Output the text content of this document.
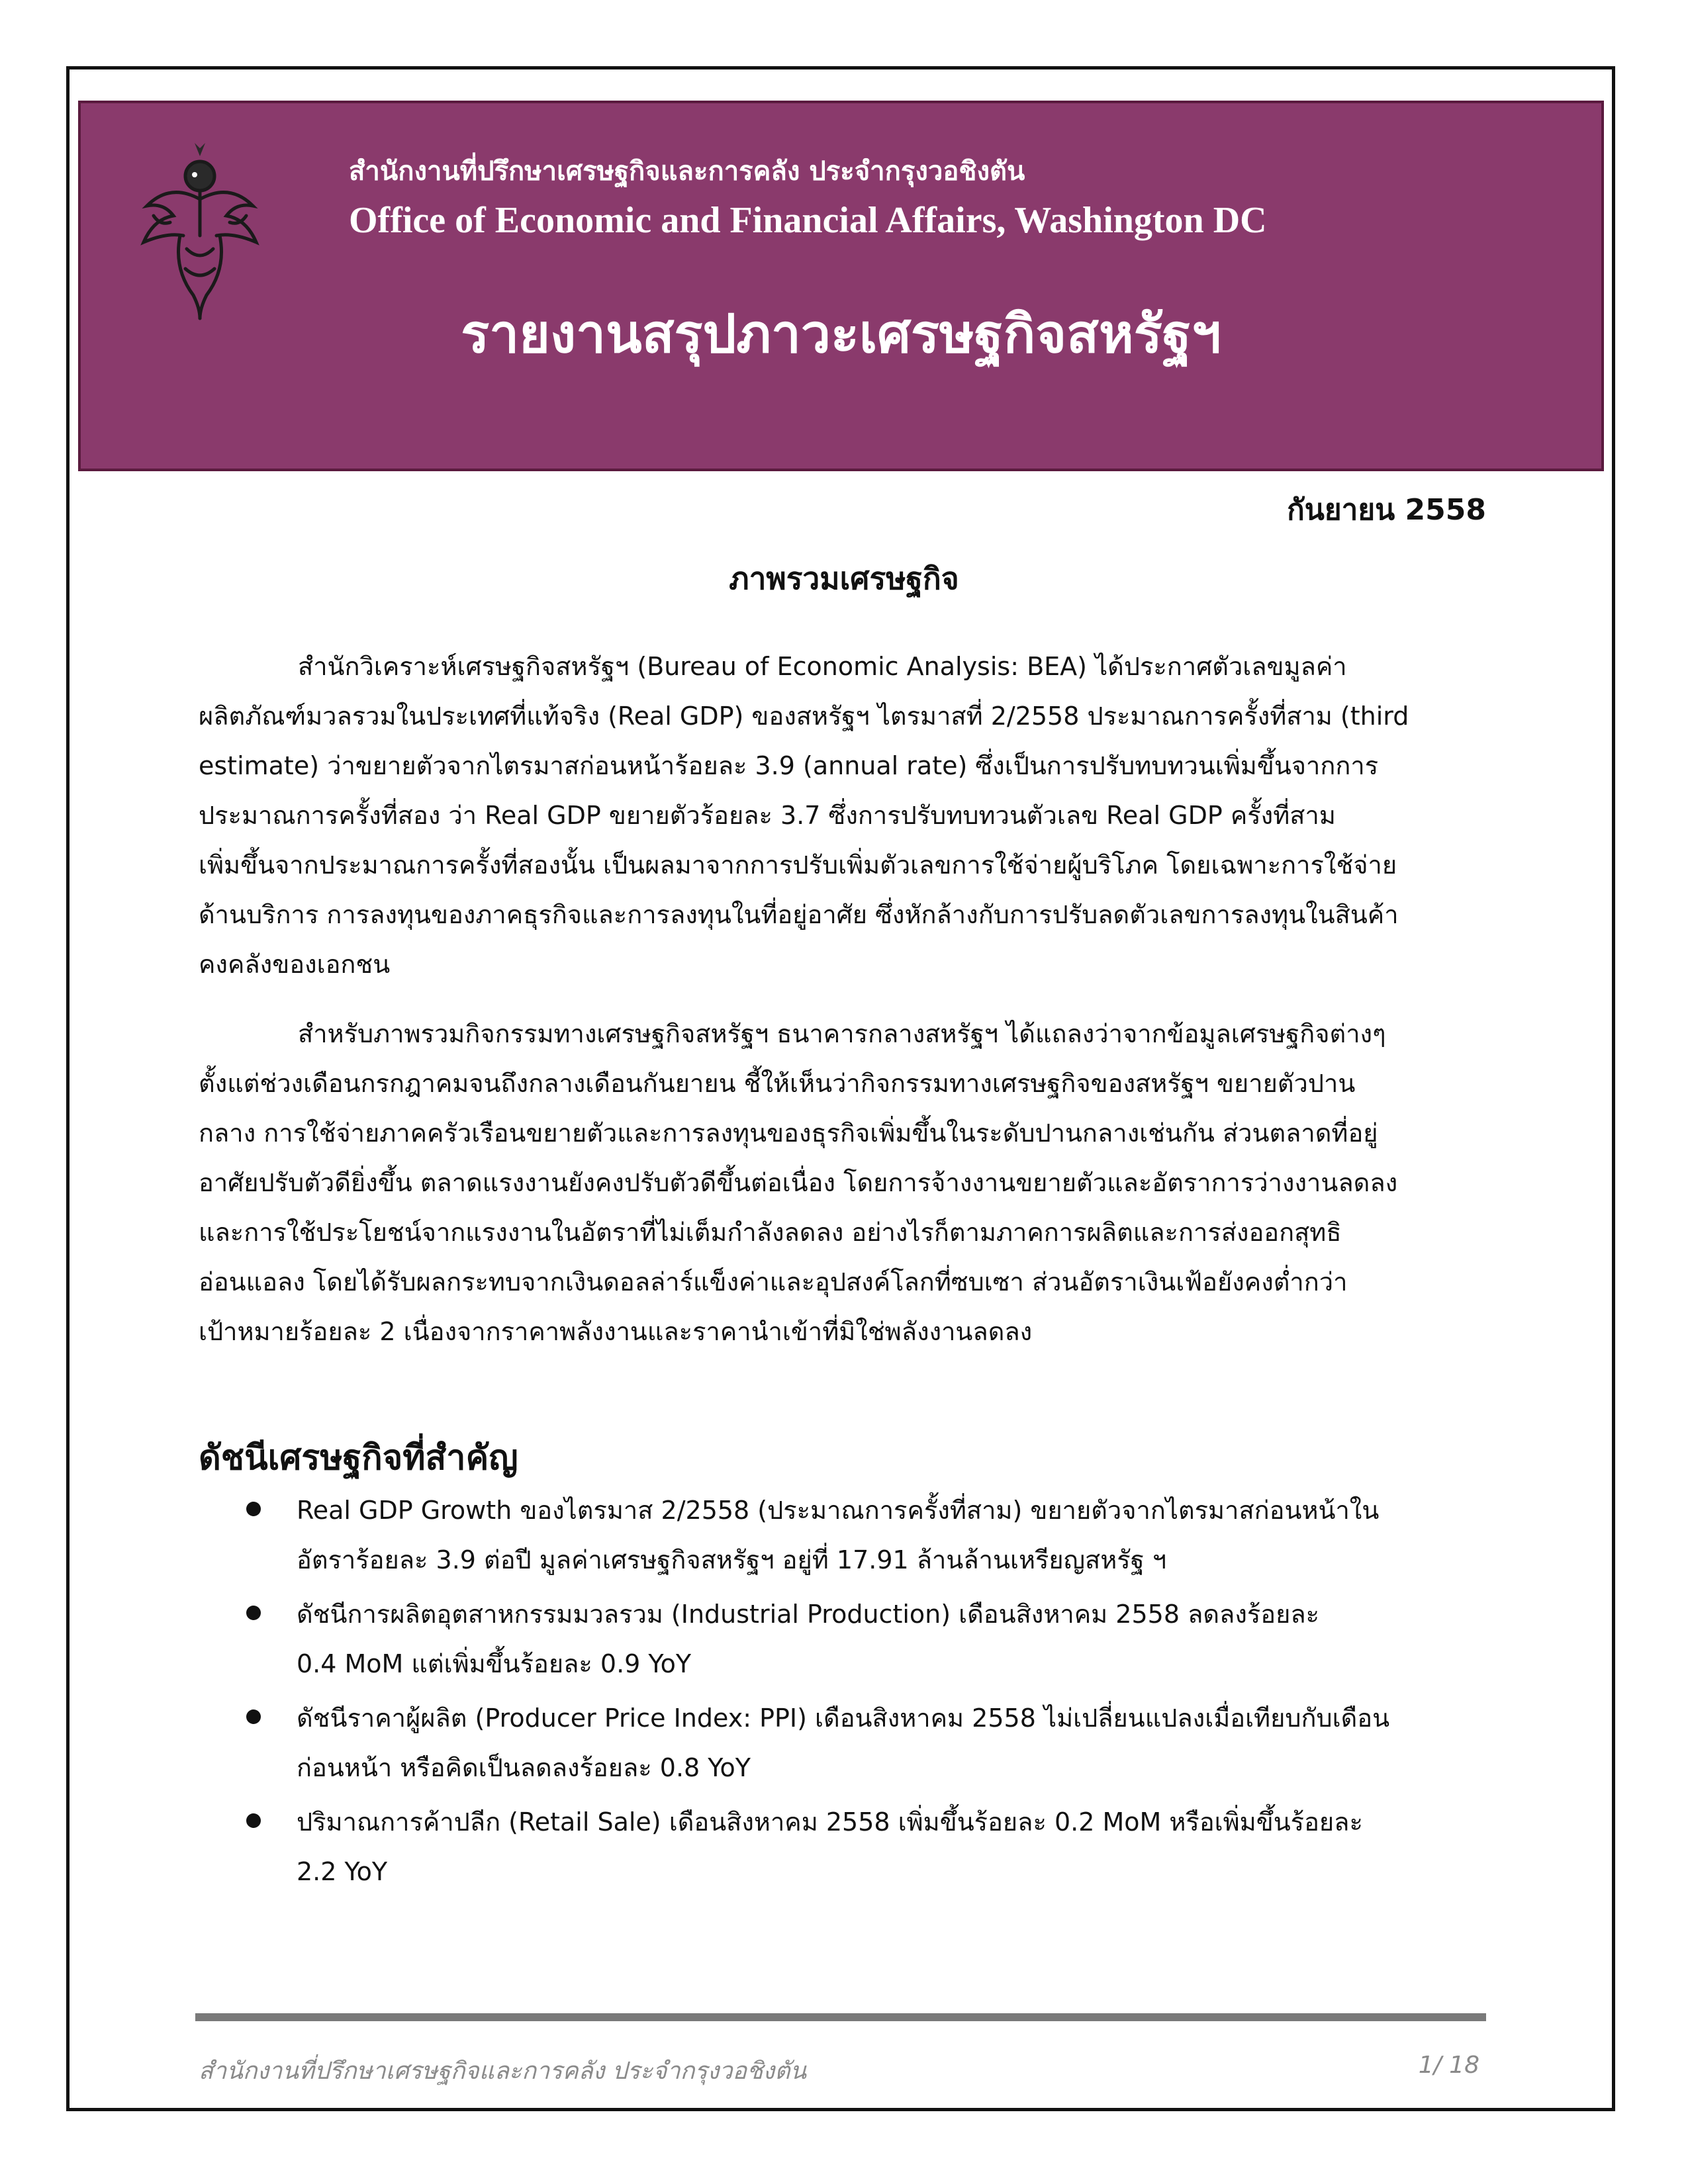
สำนักงานที่ปรึกษาเศรษฐกิจและการคลัง ประจำกรุงวอชิงตัน
Office of Economic and Financial Affairs, Washington DC
รายงานสรุปภาวะเศรษฐกิจสหรัฐฯ
กันยายน 2558
ภาพรวมเศรษฐกิจ

สำนักวิเคราะห์เศรษฐกิจสหรัฐฯ (Bureau of Economic Analysis: BEA) ได้ประกาศตัวเลขมูลค่า

ผลิตภัณฑ์มวลรวมในประเทศที่แท้จริง (Real GDP) ของสหรัฐฯ ไตรมาสที่ 2/2558 ประมาณการครั้งที่สาม (third

estimate) ว่าขยายตัวจากไตรมาสก่อนหน้าร้อยละ 3.9 (annual rate) ซึ่งเป็นการปรับทบทวนเพิ่มขึ้นจากการ

ประมาณการครั้งที่สอง ว่า Real GDP ขยายตัวร้อยละ 3.7 ซึ่งการปรับทบทวนตัวเลข Real GDP ครั้งที่สาม

เพิ่มขึ้นจากประมาณการครั้งที่สองนั้น เป็นผลมาจากการปรับเพิ่มตัวเลขการใช้จ่ายผู้บริโภค โดยเฉพาะการใช้จ่าย

ด้านบริการ การลงทุนของภาคธุรกิจและการลงทุนในที่อยู่อาศัย ซึ่งหักล้างกับการปรับลดตัวเลขการลงทุนในสินค้า

คงคลังของเอกชน

สำหรับภาพรวมกิจกรรมทางเศรษฐกิจสหรัฐฯ ธนาคารกลางสหรัฐฯ ได้แถลงว่าจากข้อมูลเศรษฐกิจต่างๆ

ตั้งแต่ช่วงเดือนกรกฎาคมจนถึงกลางเดือนกันยายน ชี้ให้เห็นว่ากิจกรรมทางเศรษฐกิจของสหรัฐฯ ขยายตัวปาน

กลาง การใช้จ่ายภาคครัวเรือนขยายตัวและการลงทุนของธุรกิจเพิ่มขึ้นในระดับปานกลางเช่นกัน ส่วนตลาดที่อยู่

อาศัยปรับตัวดียิ่งขึ้น ตลาดแรงงานยังคงปรับตัวดีขึ้นต่อเนื่อง โดยการจ้างงานขยายตัวและอัตราการว่างงานลดลง

และการใช้ประโยชน์จากแรงงานในอัตราที่ไม่เต็มกำลังลดลง อย่างไรก็ตามภาคการผลิตและการส่งออกสุทธิ

อ่อนแอลง โดยได้รับผลกระทบจากเงินดอลล่าร์แข็งค่าและอุปสงค์โลกที่ซบเซา ส่วนอัตราเงินเฟ้อยังคงต่ำกว่า

เป้าหมายร้อยละ 2 เนื่องจากราคาพลังงานและราคานำเข้าที่มิใช่พลังงานลดลง

ดัชนีเศรษฐกิจที่สำคัญ
Real GDP Growth ของไตรมาส 2/2558 (ประมาณการครั้งที่สาม) ขยายตัวจากไตรมาสก่อนหน้าใน
อัตราร้อยละ 3.9 ต่อปี มูลค่าเศรษฐกิจสหรัฐฯ อยู่ที่ 17.91 ล้านล้านเหรียญสหรัฐ ฯ
ดัชนีการผลิตอุตสาหกรรมมวลรวม (Industrial Production) เดือนสิงหาคม 2558 ลดลงร้อยละ
0.4 MoM แต่เพิ่มขึ้นร้อยละ 0.9 YoY
ดัชนีราคาผู้ผลิต (Producer Price Index: PPI) เดือนสิงหาคม 2558 ไม่เปลี่ยนแปลงเมื่อเทียบกับเดือน
ก่อนหน้า หรือคิดเป็นลดลงร้อยละ 0.8 YoY
ปริมาณการค้าปลีก (Retail Sale) เดือนสิงหาคม 2558 เพิ่มขึ้นร้อยละ 0.2 MoM หรือเพิ่มขึ้นร้อยละ
2.2 YoY
สำนักงานที่ปรึกษาเศรษฐกิจและการคลัง ประจำกรุงวอชิงตัน	1/ 18
